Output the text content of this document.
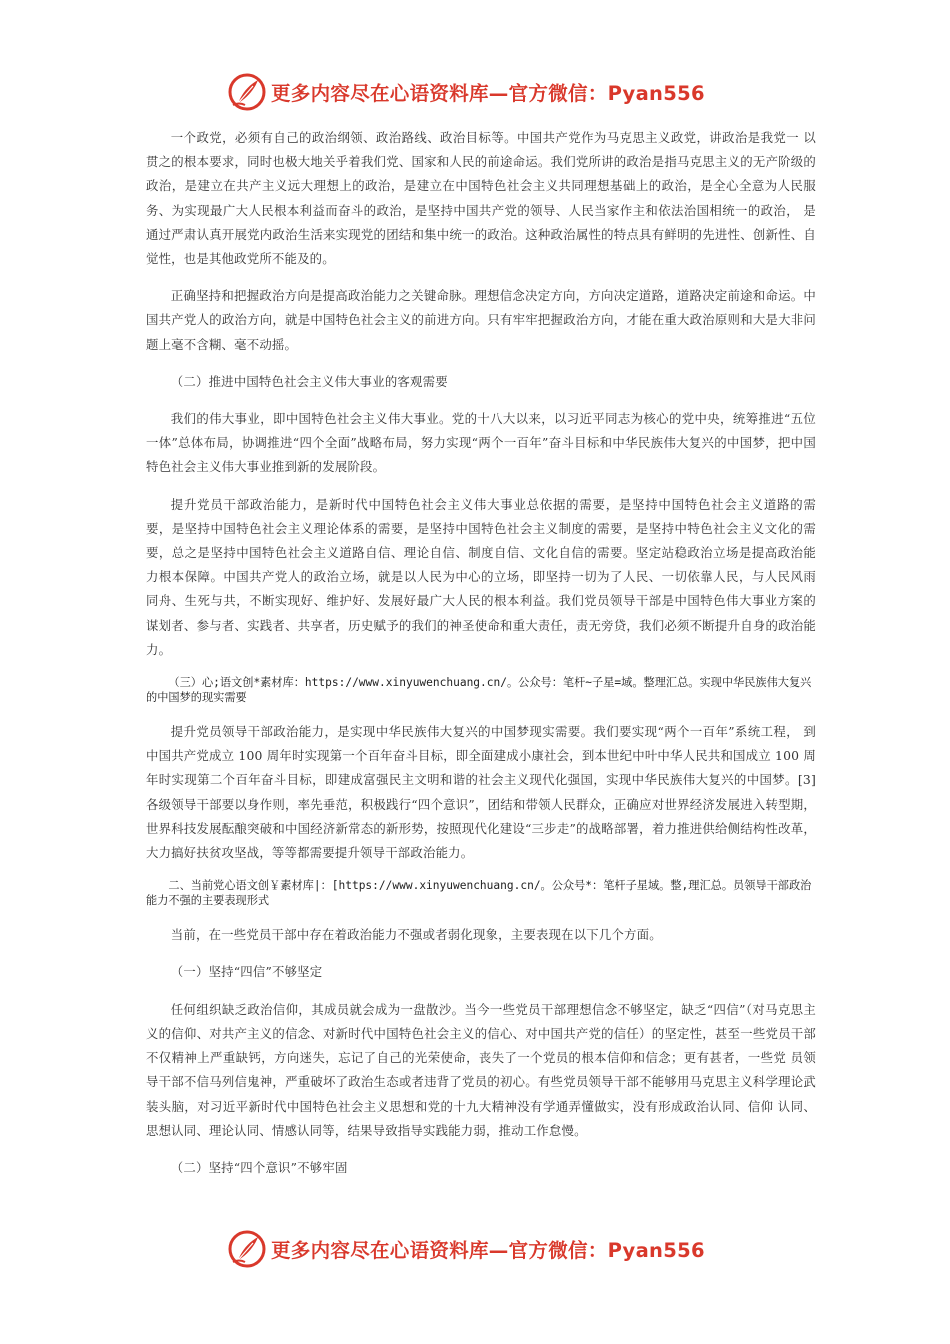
更多内容尽在心语资料库—官方微信：Pyan556

一个政党，必须有自己的政治纲领、政治路线、政治目标等。中国共产党作为马克思主义政党，讲政治是我党一 以贯之的根本要求，同时也极大地关乎着我们党、国家和人民的前途命运。我们党所讲的政治是指马克思主义的无产阶级的政治，是建立在共产主义远大理想上的政治，是建立在中国特色社会主义共同理想基础上的政治，是全心全意为人民服务、为实现最广大人民根本利益而奋斗的政治，是坚持中国共产党的领导、人民当家作主和依法治国相统一的政治， 是通过严肃认真开展党内政治生活来实现党的团结和集中统一的政治。这种政治属性的特点具有鲜明的先进性、创新性、自觉性，也是其他政党所不能及的。

正确坚持和把握政治方向是提高政治能力之关键命脉。理想信念决定方向，方向决定道路，道路决定前途和命运。中国共产党人的政治方向，就是中国特色社会主义的前进方向。只有牢牢把握政治方向，才能在重大政治原则和大是大非问题上毫不含糊、毫不动摇。

（二）推进中国特色社会主义伟大事业的客观需要

我们的伟大事业，即中国特色社会主义伟大事业。党的十八大以来，以习近平同志为核心的党中央，统筹推进“五位一体”总体布局，协调推进“四个全面”战略布局，努力实现“两个一百年”奋斗目标和中华民族伟大复兴的中国梦，把中国特色社会主义伟大事业推到新的发展阶段。

提升党员干部政治能力，是新时代中国特色社会主义伟大事业总依据的需要，是坚持中国特色社会主义道路的需 要，是坚持中国特色社会主义理论体系的需要，是坚持中国特色社会主义制度的需要，是坚持中特色社会主义文化的需 要，总之是坚持中国特色社会主义道路自信、理论自信、制度自信、文化自信的需要。坚定站稳政治立场是提高政治能 力根本保障。中国共产党人的政治立场，就是以人民为中心的立场，即坚持一切为了人民、一切依靠人民，与人民风雨 同舟、生死与共，不断实现好、维护好、发展好最广大人民的根本利益。我们党员领导干部是中国特色伟大事业方案的 谋划者、参与者、实践者、共享者，历史赋予的我们的神圣使命和重大责任，责无旁贷，我们必须不断提升自身的政治能力。

（三）心;语文创*素材库：https://www.xinyuwenchuang.cn/。公众号：笔杆~子星=域。整理汇总。实现中华民族伟大复兴的中国梦的现实需要

提升党员领导干部政治能力，是实现中华民族伟大复兴的中国梦现实需要。我们要实现“两个一百年”系统工程， 到中国共产党成立 100 周年时实现第一个百年奋斗目标，即全面建成小康社会，到本世纪中叶中华人民共和国成立 100 周年时实现第二个百年奋斗目标，即建成富强民主文明和谐的社会主义现代化强国，实现中华民族伟大复兴的中国梦。[3]各级领导干部要以身作则，率先垂范，积极践行“四个意识”，团结和带领人民群众，正确应对世界经济发展进入转型期，世界科技发展酝酿突破和中国经济新常态的新形势，按照现代化建设“三步走”的战略部署，着力推进供给侧结构性改革，大力搞好扶贫攻坚战，等等都需要提升领导干部政治能力。

二、当前党心语文创￥素材库|：[https://www.xinyuwenchuang.cn/。公众号*：笔杆子星域。整,理汇总。员领导干部政治能力不强的主要表现形式

当前，在一些党员干部中存在着政治能力不强或者弱化现象，主要表现在以下几个方面。

（一）坚持“四信”不够坚定

任何组织缺乏政治信仰，其成员就会成为一盘散沙。当今一些党员干部理想信念不够坚定，缺乏“四信”（对马克思主义的信仰、对共产主义的信念、对新时代中国特色社会主义的信心、对中国共产党的信任）的坚定性，甚至一些党员干部不仅精神上严重缺钙，方向迷失，忘记了自己的光荣使命，丧失了一个党员的根本信仰和信念；更有甚者，一些党 员领导干部不信马列信鬼神，严重破坏了政治生态或者违背了党员的初心。有些党员领导干部不能够用马克思主义科学理论武装头脑，对习近平新时代中国特色社会主义思想和党的十九大精神没有学通弄懂做实，没有形成政治认同、信仰 认同、思想认同、理论认同、情感认同等，结果导致指导实践能力弱，推动工作怠慢。

（二）坚持“四个意识”不够牢固

更多内容尽在心语资料库—官方微信：Pyan556
